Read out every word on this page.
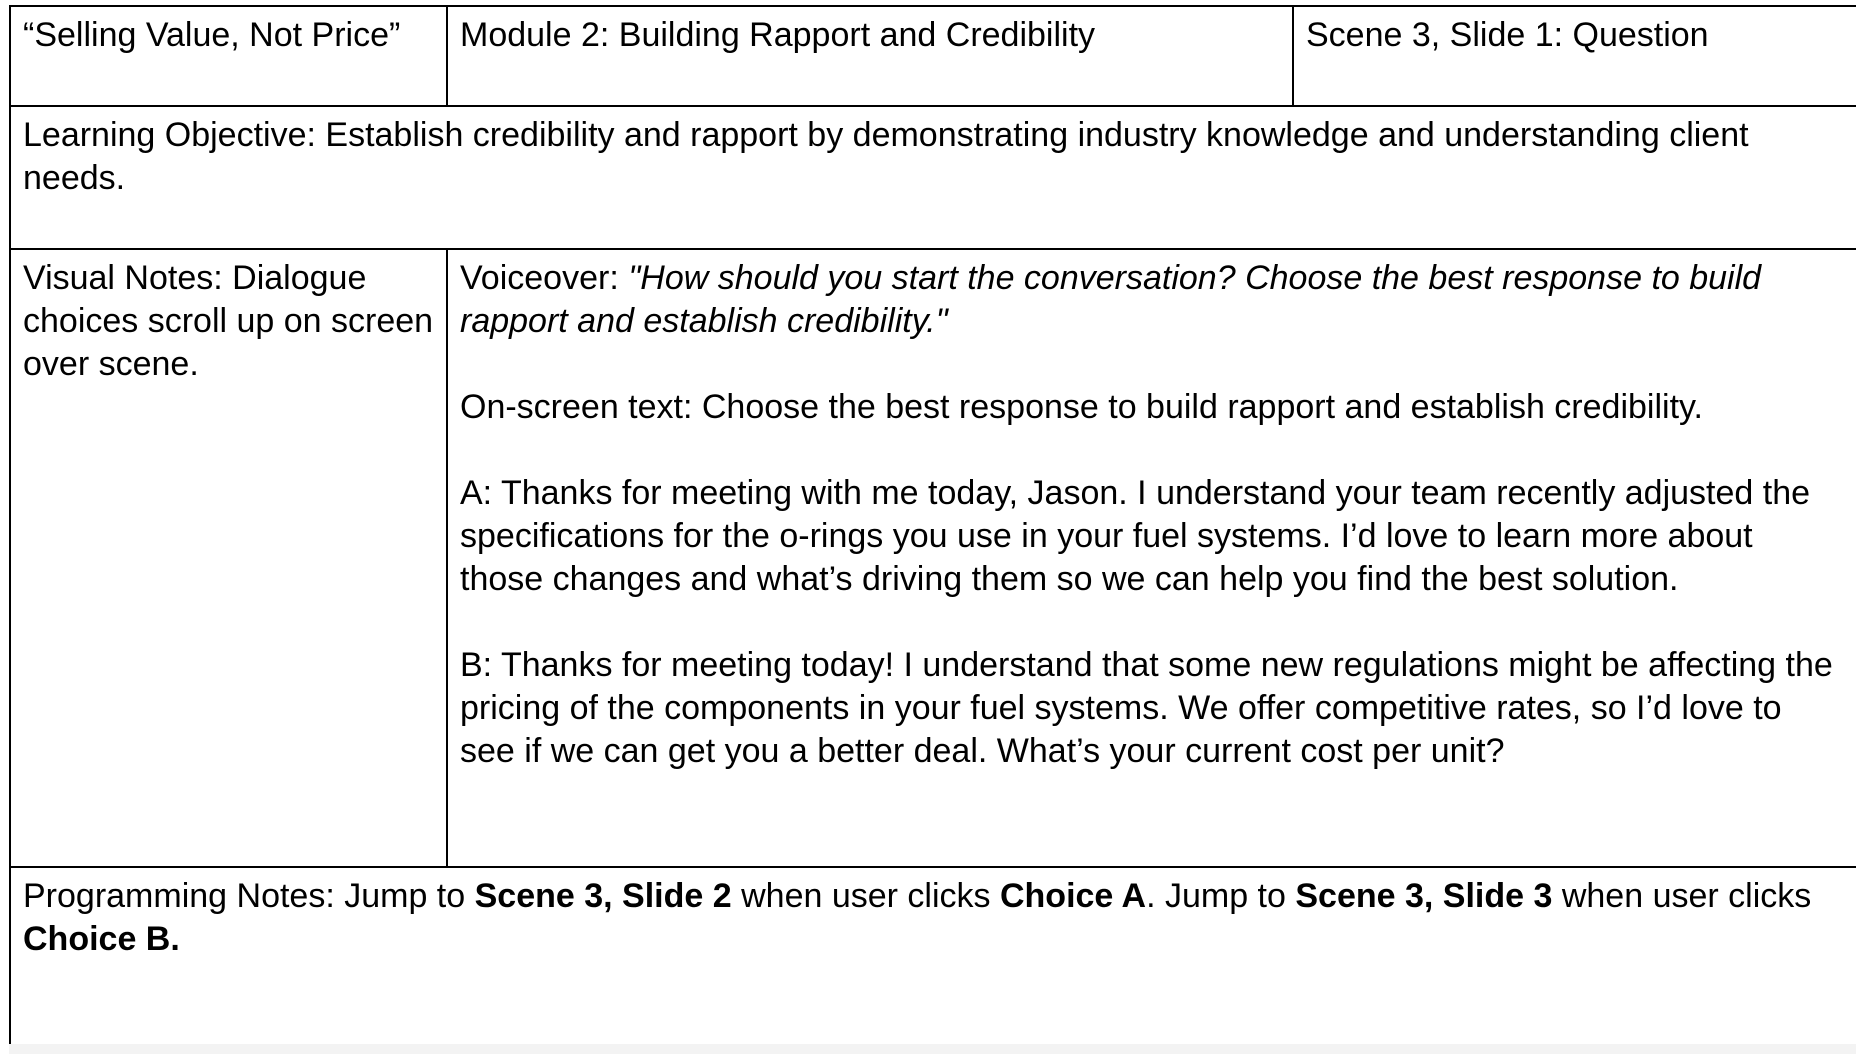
“Selling Value, Not Price”	Module 2: Building Rapport and Credibility	Scene 3, Slide 1: Question
Learning Objective: Establish credibility and rapport by demonstrating industry knowledge and understanding client needs.		
Visual Notes: Dialogue choices scroll up on screen over scene.	Voiceover: "How should you start the conversation? Choose the best response to build rapport and establish credibility."

On-screen text: Choose the best response to build rapport and establish credibility.

A: Thanks for meeting with me today, Jason. I understand your team recently adjusted the specifications for the o-rings you use in your fuel systems. I’d love to learn more about those changes and what’s driving them so we can help you find the best solution.

B: Thanks for meeting today! I understand that some new regulations might be affecting the pricing of the components in your fuel systems. We offer competitive rates, so I’d love to see if we can get you a better deal. What’s your current cost per unit?	

Programming Notes: Jump to Scene 3, Slide 2 when user clicks Choice A. Jump to Scene 3, Slide 3 when user clicks Choice B.		
